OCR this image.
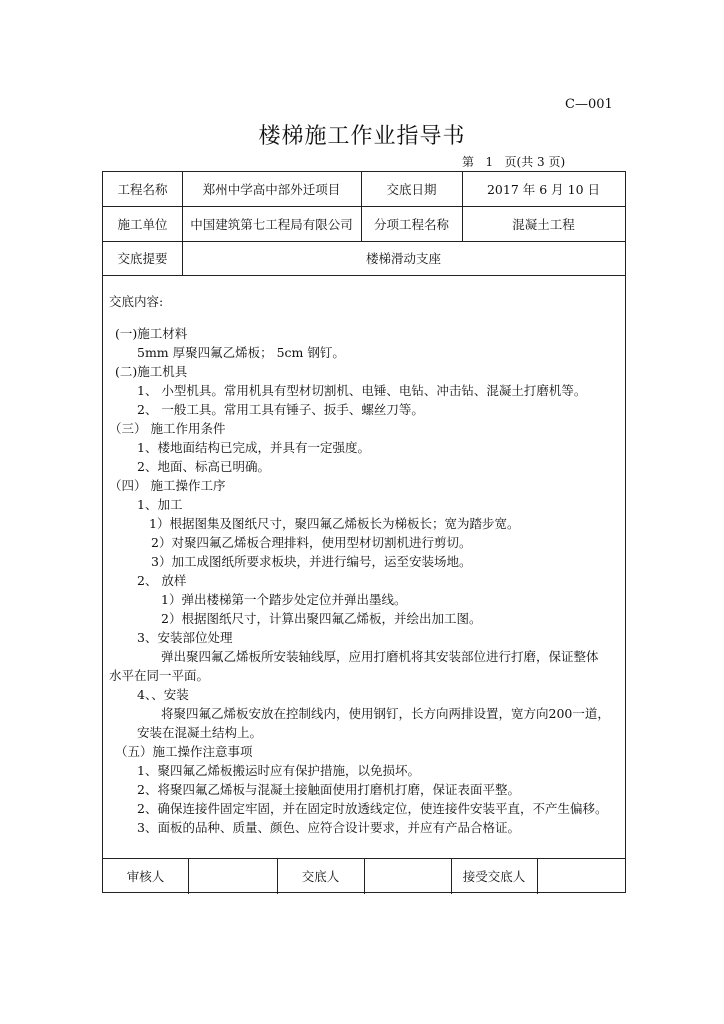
C—001
楼梯施工作业指导书
第   1   页(共 3 页)
工程名称	郑州中学高中部外迁项目	交底日期	2017 年 6 月 10 日
施工单位	中国建筑第七工程局有限公司	分项工程名称	混凝土工程
交底提要	楼梯滑动支座
交底内容:
(一)施工材料
5mm 厚聚四氟乙烯板； 5cm 钢钉。
(二)施工机具
1、 小型机具。常用机具有型材切割机、电锤、电钻、冲击钻、混凝土打磨机等。
2、 一般工具。常用工具有锤子、扳手、螺丝刀等。
（三） 施工作用条件
1、楼地面结构已完成，并具有一定强度。
2、地面、标高已明确。
（四） 施工操作工序
1、加工
1）根据图集及图纸尺寸，聚四氟乙烯板长为梯板长；宽为踏步宽。
2）对聚四氟乙烯板合理排料，使用型材切割机进行剪切。
3）加工成图纸所要求板块，并进行编号，运至安装场地。
2、 放样
1）弹出楼梯第一个踏步处定位并弹出墨线。
2）根据图纸尺寸，计算出聚四氟乙烯板，并绘出加工图。
3、安装部位处理
弹出聚四氟乙烯板所安装轴线厚，应用打磨机将其安装部位进行打磨，保证整体
水平在同一平面。
4、、安装
将聚四氟乙烯板安放在控制线内，使用钢钉，长方向两排设置，宽方向200一道，
安装在混凝土结构上。
（五）施工操作注意事项
1、聚四氟乙烯板搬运时应有保护措施，以免损坏。
2、将聚四氟乙烯板与混凝土接触面使用打磨机打磨，保证表面平整。
2、确保连接件固定牢固，并在固定时放透线定位，使连接件安装平直，不产生偏移。
3、面板的品种、质量、颜色、应符合设计要求，并应有产品合格证。
审核人	交底人	接受交底人
